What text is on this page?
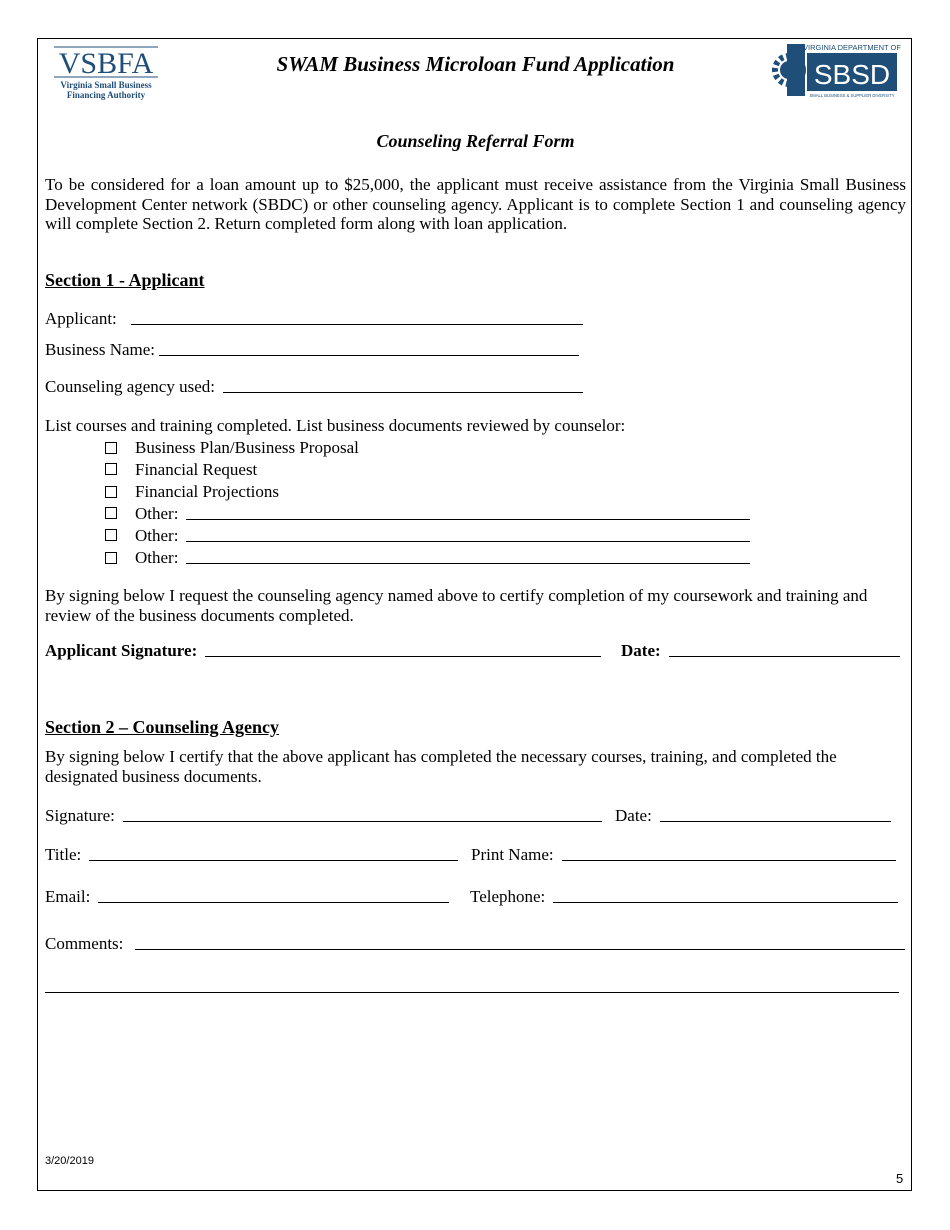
VSBFA
Virginia Small Business
Financing Authority
SWAM Business Microloan Fund Application
VIRGINIA DEPARTMENT OF
SBSD
SMALL BUSINESS & SUPPLIER DIVERSITY
Counseling Referral Form
To be considered for a loan amount up to $25,000, the applicant must receive assistance from the Virginia Small Business Development Center network (SBDC) or other counseling agency. Applicant is to complete Section 1 and counseling agency will complete Section 2. Return completed form along with loan application.
Section 1 - Applicant
Applicant:
Business Name:
Counseling agency used:
List courses and training completed. List business documents reviewed by counselor:
Business Plan/Business Proposal
Financial Request
Financial Projections
Other:
Other:
Other:
By signing below I request the counseling agency named above to certify completion of my coursework and training and review of the business documents completed.
Applicant Signature:	Date:
Section 2 – Counseling Agency
By signing below I certify that the above applicant has completed the necessary courses, training, and completed the designated business documents.
Signature:	Date:
Title:	Print Name:
Email:	Telephone:
Comments:
3/20/2019
5
